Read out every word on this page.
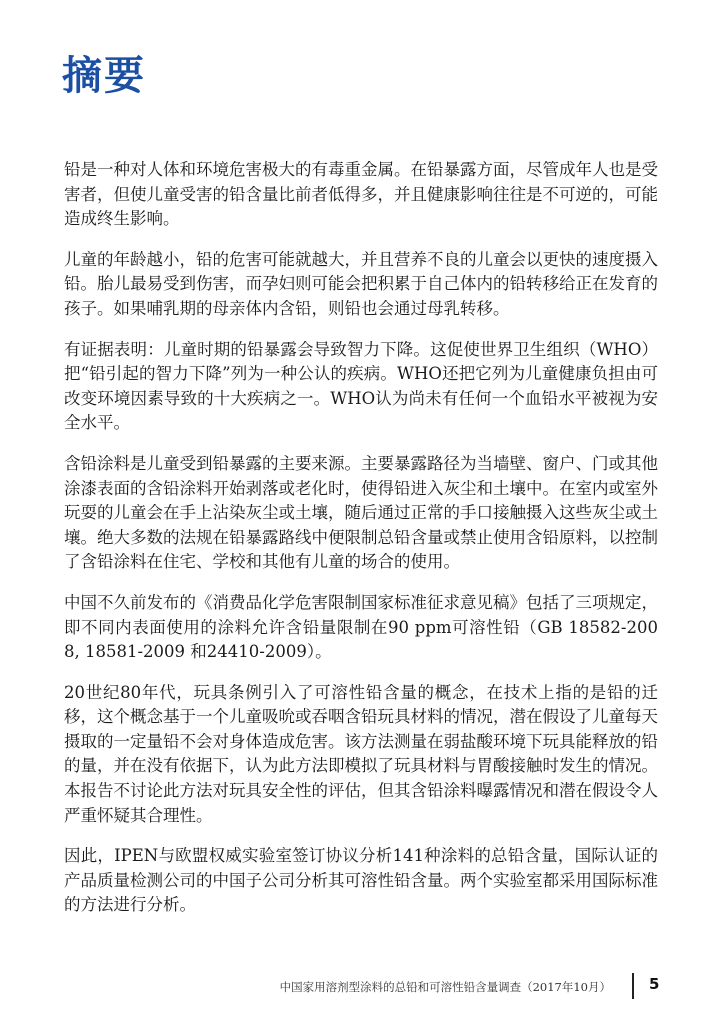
摘要

铅是一种对人体和环境危害极大的有毒重金属。在铅暴露方面，尽管成年人也是受害者，但使儿童受害的铅含量比前者低得多，并且健康影响往往是不可逆的，可能造成终生影响。

儿童的年龄越小，铅的危害可能就越大，并且营养不良的儿童会以更快的速度摄入铅。胎儿最易受到伤害，而孕妇则可能会把积累于自己体内的铅转移给正在发育的孩子。如果哺乳期的母亲体内含铅，则铅也会通过母乳转移。

有证据表明：儿童时期的铅暴露会导致智力下降。这促使世界卫生组织（WHO）把“铅引起的智力下降”列为一种公认的疾病。WHO还把它列为儿童健康负担由可改变环境因素导致的十大疾病之一。WHO认为尚未有任何一个血铅水平被视为安全水平。

含铅涂料是儿童受到铅暴露的主要来源。主要暴露路径为当墙壁、窗户、门或其他涂漆表面的含铅涂料开始剥落或老化时，使得铅进入灰尘和土壤中。在室内或室外玩耍的儿童会在手上沾染灰尘或土壤，随后通过正常的手口接触摄入这些灰尘或土壤。绝大多数的法规在铅暴露路线中便限制总铅含量或禁止使用含铅原料，以控制了含铅涂料在住宅、学校和其他有儿童的场合的使用。

中国不久前发布的《消费品化学危害限制国家标准征求意见稿》包括了三项规定，即不同内表面使用的涂料允许含铅量限制在90 ppm可溶性铅（GB 18582-2008, 18581-2009 和24410-2009）。

20世纪80年代，玩具条例引入了可溶性铅含量的概念，在技术上指的是铅的迁移，这个概念基于一个儿童吸吮或吞咽含铅玩具材料的情况，潜在假设了儿童每天摄取的一定量铅不会对身体造成危害。该方法测量在弱盐酸环境下玩具能释放的铅的量，并在没有依据下，认为此方法即模拟了玩具材料与胃酸接触时发生的情况。本报告不讨论此方法对玩具安全性的评估，但其含铅涂料曝露情况和潜在假设令人严重怀疑其合理性。

因此，IPEN与欧盟权威实验室签订协议分析141种涂料的总铅含量，国际认证的产品质量检测公司的中国子公司分析其可溶性铅含量。两个实验室都采用国际标准的方法进行分析。

中国家用溶剂型涂料的总铅和可溶性铅含量调查（2017年10月）	5
